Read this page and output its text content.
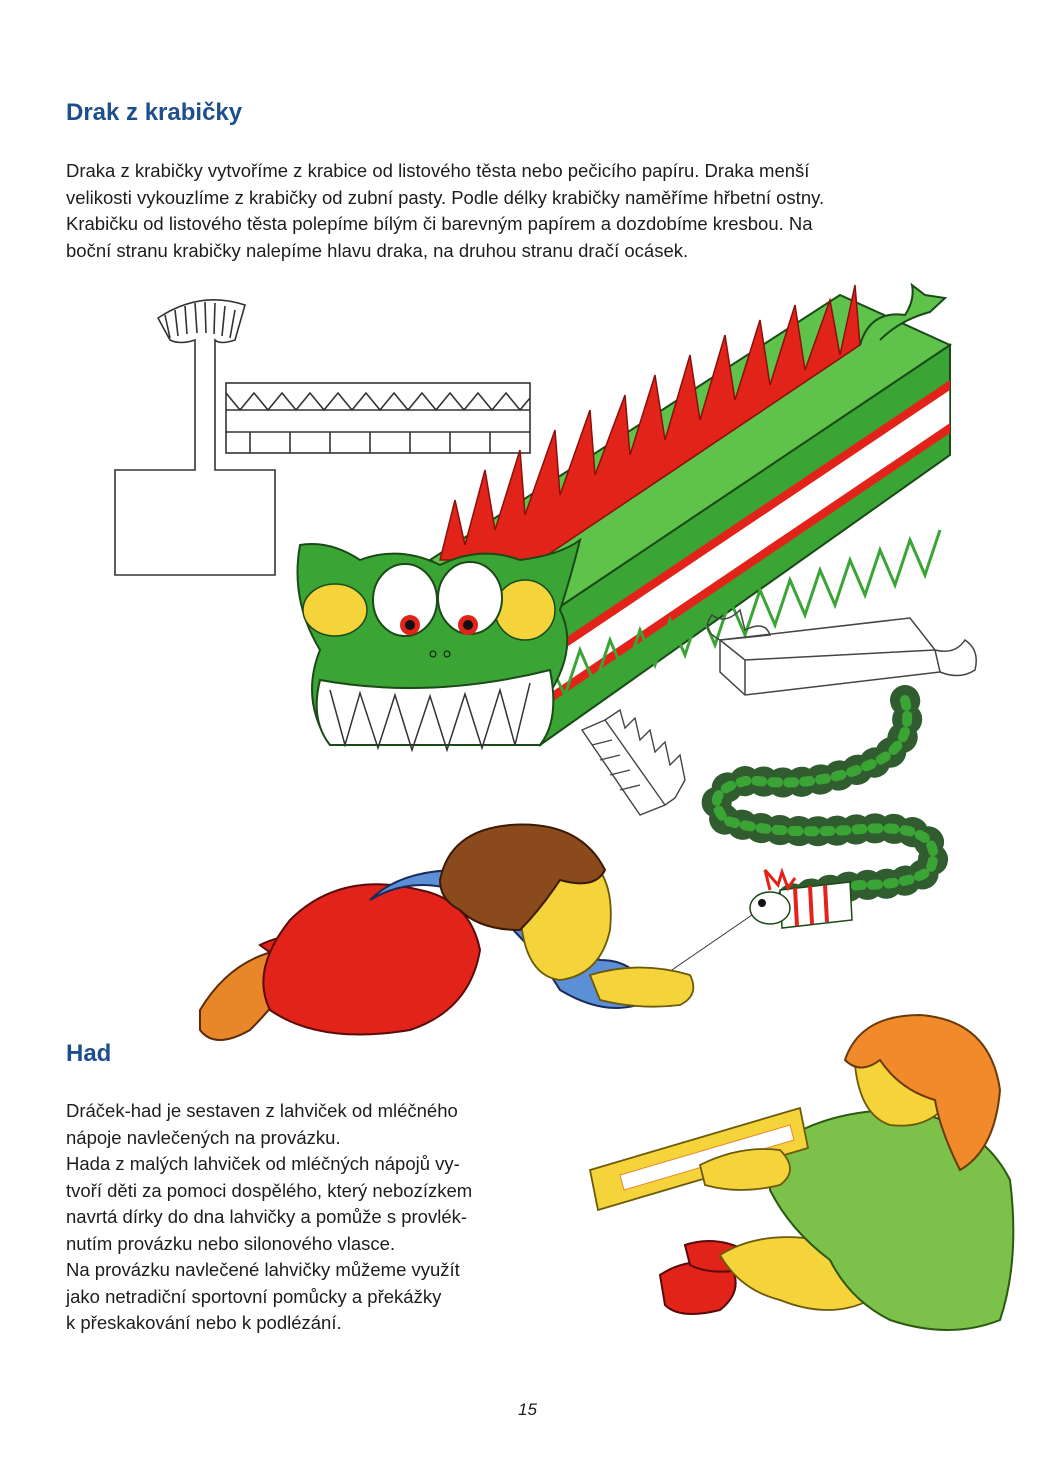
Drak z krabičky
Draka z krabičky vytvoříme z krabice od listového těsta nebo pečicího papíru. Draka menší
velikosti vykouzlíme z krabičky od zubní pasty. Podle délky krabičky naměříme hřbetní ostny.
Krabičku od listového těsta polepíme bílým či barevným papírem a dozdobíme kresbou. Na
boční stranu krabičky nalepíme hlavu draka, na druhou stranu dračí ocásek.
Had
Dráček-had je sestaven z lahviček od mléčného
nápoje navlečených na provázku.
Hada z malých lahviček od mléčných nápojů vy-
tvoří děti za pomoci dospělého, který nebozízkem
navrtá dírky do dna lahvičky a pomůže s provlék-
nutím provázku nebo silonového vlasce.
Na provázku navlečené lahvičky můžeme využít
jako netradiční sportovní pomůcky a překážky
k přeskakování nebo k podlézání.
15
